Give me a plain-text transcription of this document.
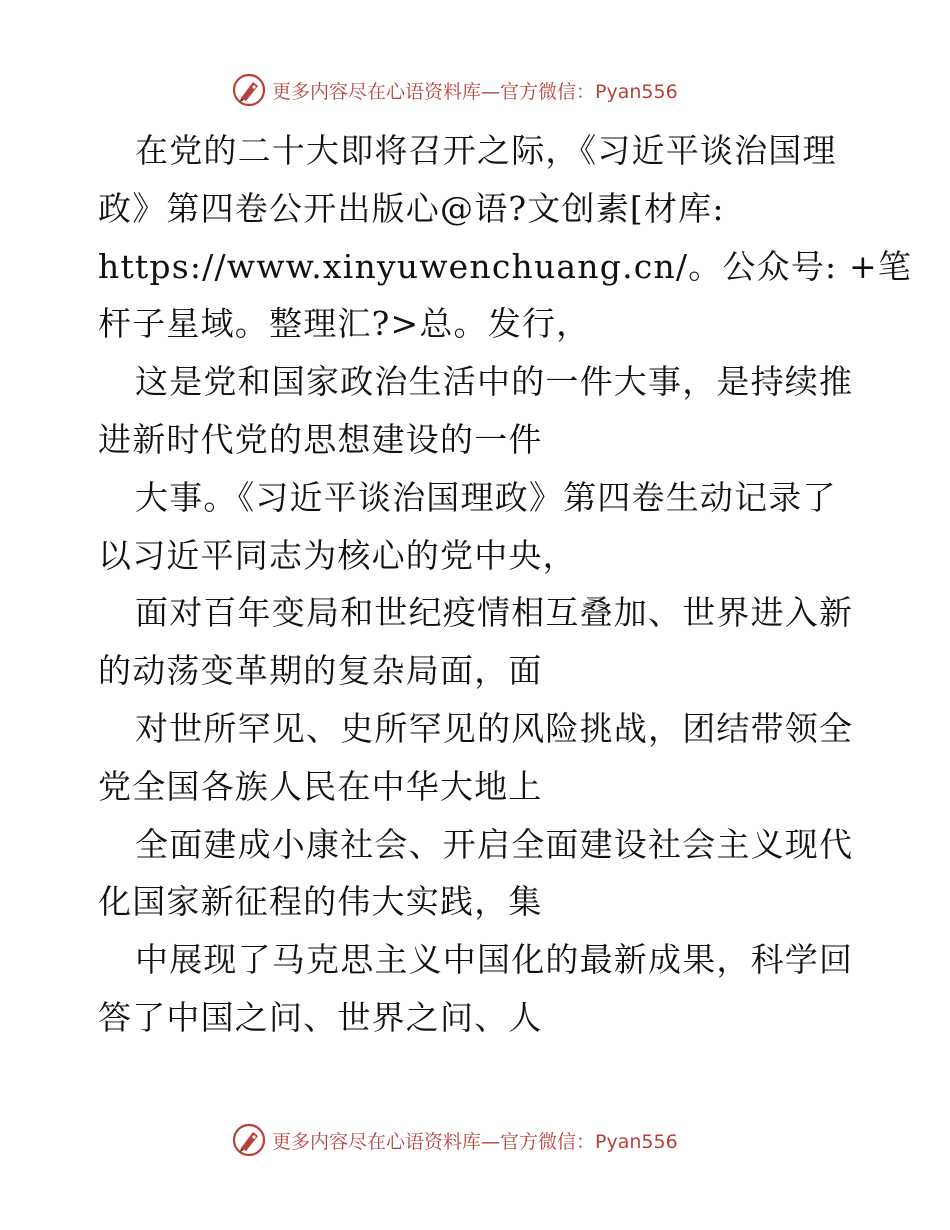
更多内容尽在心语资料库—官方微信：Pyan556
在党的二十大即将召开之际，《习近平谈治国理
政》第四卷公开出版心@语?文创素[材库:
https://www.xinyuwenchuang.cn/。公众号: +笔
杆子星域。整理汇?>总。发行，
这是党和国家政治生活中的一件大事，是持续推
进新时代党的思想建设的一件
大事。《习近平谈治国理政》第四卷生动记录了
以习近平同志为核心的党中央，
面对百年变局和世纪疫情相互叠加、世界进入新
的动荡变革期的复杂局面，面
对世所罕见、史所罕见的风险挑战，团结带领全
党全国各族人民在中华大地上
全面建成小康社会、开启全面建设社会主义现代
化国家新征程的伟大实践，集
中展现了马克思主义中国化的最新成果，科学回
答了中国之问、世界之问、人
更多内容尽在心语资料库—官方微信：Pyan556
